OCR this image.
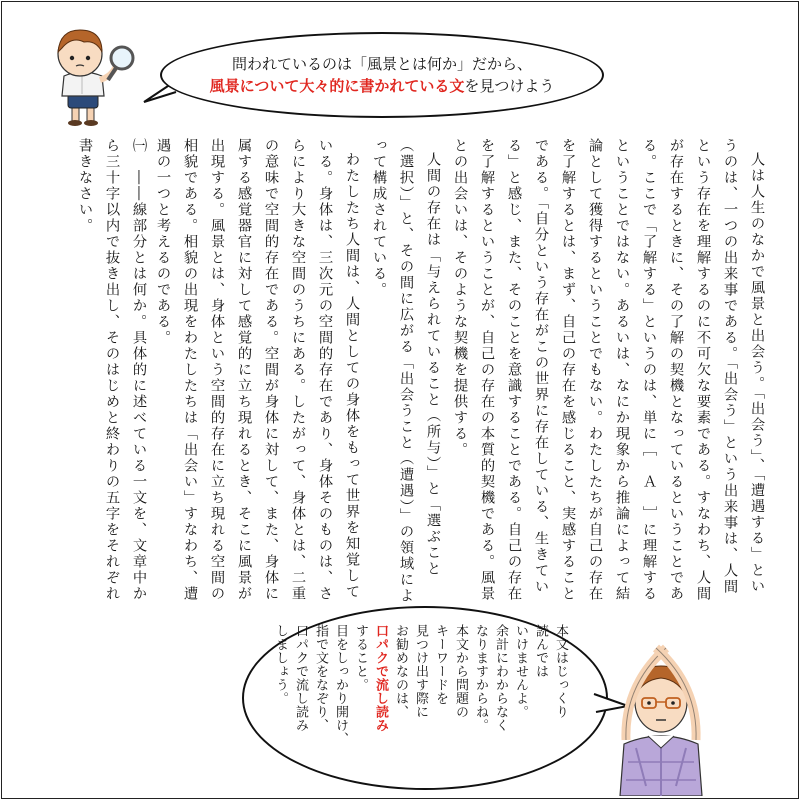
問われているのは「風景とは何か」だから、
風景について大々的に書かれている文を見つけよう

人は人生のなかで風景と出会う。「出会う」、「遭遇する」というのは、一つの出来事である。「出会う」という出来事は、人間という存在を理解するのに不可欠な要素である。すなわち、人間が存在するときに、その了解の契機となっているということである。ここで「了解する」というのは、単に［　Ａ　］に理解するということではない。あるいは、なにか現象から推論によって結論として獲得するということでもない。わたしたちが自己の存在を了解するとは、まず、自己の存在を感じること、実感することである。「自分という存在がこの世界に存在している、生きている」と感じ、また、そのことを意識することである。自己の存在を了解するということが、自己の存在の本質的契機である。風景との出会いは、そのような契機を提供する。

人間の存在は「与えられていること（所与）」と「選ぶこと（選択）」と、その間に広がる「出会うこと（遭遇）」の領域によって構成されている。

わたしたち人間は、人間としての身体をもって世界を知覚している。身体は、三次元の空間的存在であり、身体そのものは、さらにより大きな空間のうちにある。したがって、身体とは、二重の意味で空間的存在である。空間が身体に対して、また、身体に属する感覚器官に対して感覚的に立ち現れるとき、そこに風景が出現する。風景とは、身体という空間的存在に立ち現れる空間の相貌である。相貌の出現をわたしたちは「出会い」すなわち、遭遇の一つと考えるのである。

㈠　――線部分とは何か。具体的に述べている一文を、文章中から三十字以内で抜き出し、そのはじめと終わりの五字をそれぞれ書きなさい。

本文はじっくり

読んでは

いけませんよ。

余計にわからなく

なりますからね。

本文から問題の

キーワードを

見つけ出す際に

お勧めなのは、

口パクで流し読み

すること。

目をしっかり開け、

指で文をなぞり、

口パクで流し読み

しましょう。
